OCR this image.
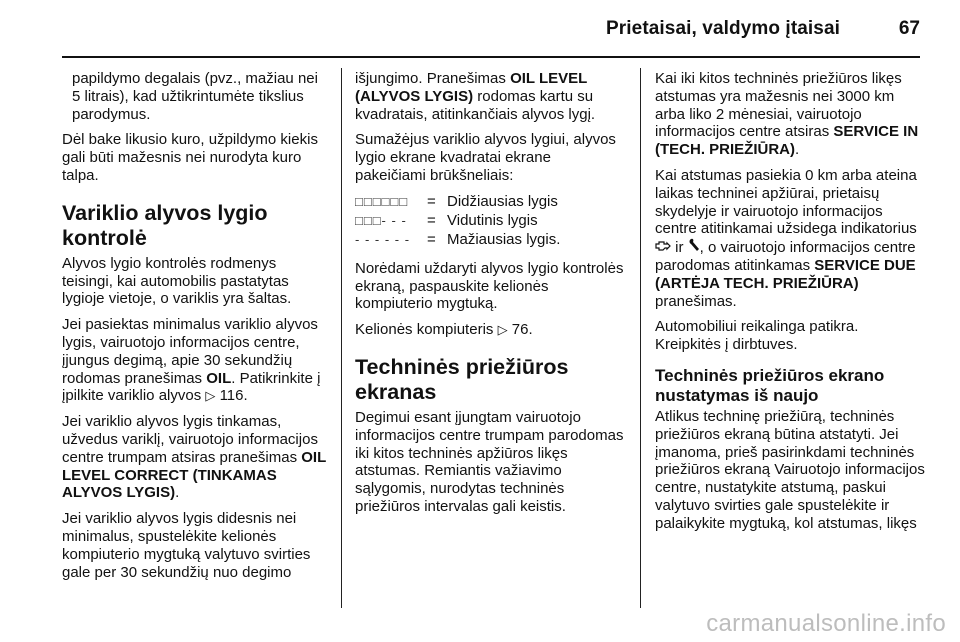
Prietaisai, valdymo įtaisai	67

papildymo degalais (pvz., mažiau nei 5 litrais), kad užtikrintumėte tikslius parodymus.

Dėl bake likusio kuro, užpildymo kiekis gali būti mažesnis nei nurodyta kuro talpa.

Variklio alyvos lygio kontrolė

Alyvos lygio kontrolės rodmenys teisingi, kai automobilis pastatytas lygioje vietoje, o variklis yra šaltas.

Jei pasiektas minimalus variklio alyvos lygis, vairuotojo informacijos centre, įjungus degimą, apie 30 sekundžių rodomas pranešimas OIL. Patikrinkite į įpilkite variklio alyvos ▷ 116.

Jei variklio alyvos lygis tinkamas, užvedus variklį, vairuotojo informacijos centre trumpam atsiras pranešimas OIL LEVEL CORRECT (TINKAMAS ALYVOS LYGIS).

Jei variklio alyvos lygis didesnis nei minimalus, spustelėkite kelionės kompiuterio mygtuką valytuvo svirties gale per 30 sekundžių nuo degimo

išjungimo. Pranešimas OIL LEVEL (ALYVOS LYGIS) rodomas kartu su kvadratais, atitinkančiais alyvos lygį.

Sumažėjus variklio alyvos lygiui, alyvos lygio ekrane kvadratai ekrane pakeičiami brūkšneliais:

□□□□□□	= Didžiausias lygis
□□□- - -	= Vidutinis lygis
- - - - - -	= Mažiausias lygis.

Norėdami uždaryti alyvos lygio kontrolės ekraną, paspauskite kelionės kompiuterio mygtuką.

Kelionės kompiuteris ▷ 76.

Techninės priežiūros ekranas

Degimui esant įjungtam vairuotojo informacijos centre trumpam parodomas iki kitos techninės apžiūros likęs atstumas. Remiantis važiavimo sąlygomis, nurodytas techninės priežiūros intervalas gali keistis.

Kai iki kitos techninės priežiūros likęs atstumas yra mažesnis nei 3000 km arba liko 2 mėnesiai, vairuotojo informacijos centre atsiras SERVICE IN (TECH. PRIEŽIŪRA).

Kai atstumas pasiekia 0 km arba ateina laikas techninei apžiūrai, prietaisų skydelyje ir vairuotojo informacijos centre atitinkamai užsidega indikatorius  ir , o vairuotojo informacijos centre parodomas atitinkamas SERVICE DUE (ARTĖJA TECH. PRIEŽIŪRA) pranešimas.

Automobiliui reikalinga patikra. Kreipkitės į dirbtuves.

Techninės priežiūros ekrano nustatymas iš naujo

Atlikus techninę priežiūrą, techninės priežiūros ekraną būtina atstatyti. Jei įmanoma, prieš pasirinkdami techninės priežiūros ekraną Vairuotojo informacijos centre, nustatykite atstumą, paskui valytuvo svirties gale spustelėkite ir palaikykite mygtuką, kol atstumas, likęs

carmanualsonline.info
